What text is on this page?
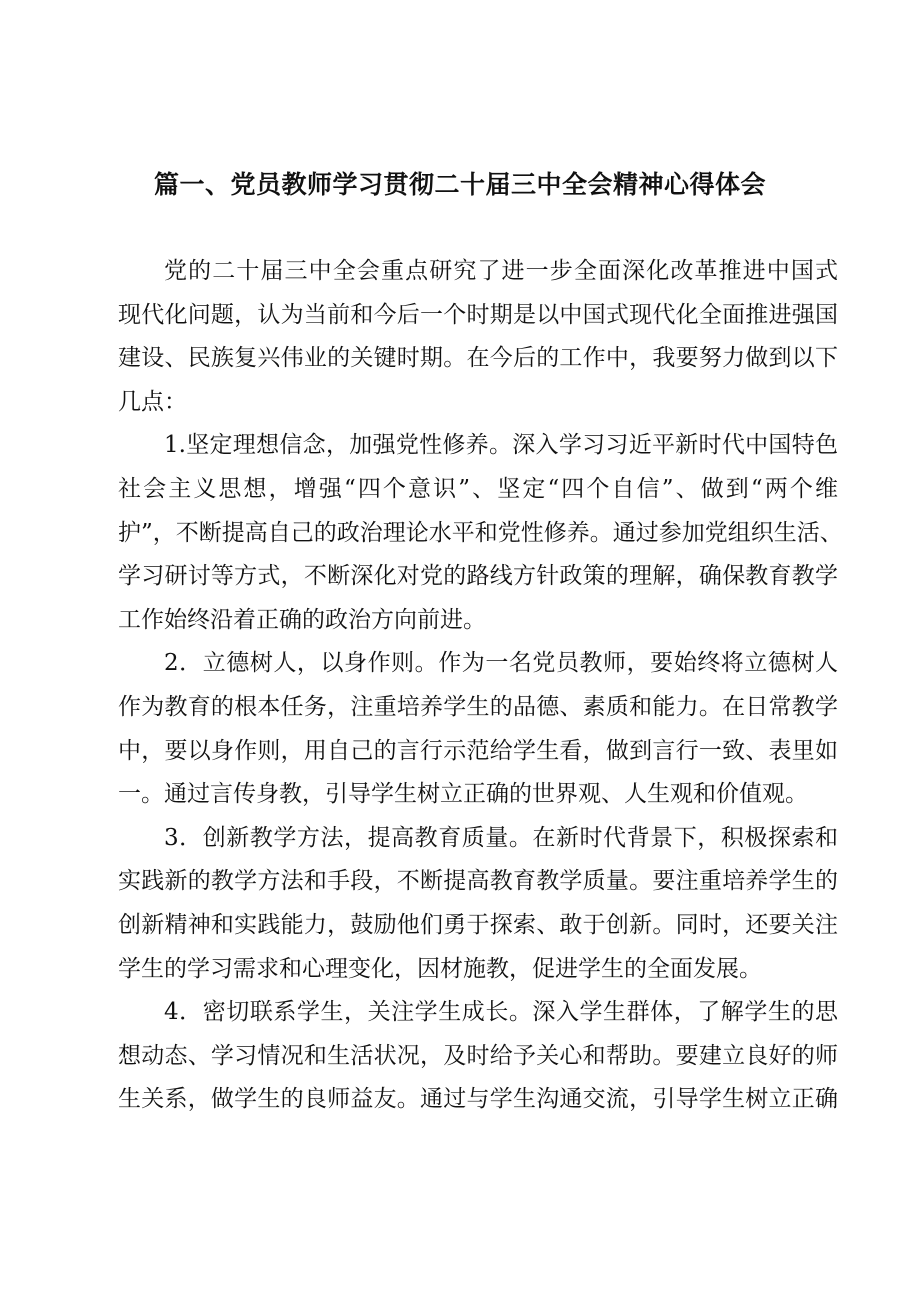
篇一、党员教师学习贯彻二十届三中全会精神心得体会
党的二十届三中全会重点研究了进一步全面深化改革推进中国式
现代化问题，认为当前和今后一个时期是以中国式现代化全面推进强国
建设、民族复兴伟业的关键时期。在今后的工作中，我要努力做到以下
几点：
1.坚定理想信念，加强党性修养。深入学习习近平新时代中国特色
社会主义思想，增强“四个意识”、坚定“四个自信”、做到“两个维
护”，不断提高自己的政治理论水平和党性修养。通过参加党组织生活、
学习研讨等方式，不断深化对党的路线方针政策的理解，确保教育教学
工作始终沿着正确的政治方向前进。
2．立德树人，以身作则。作为一名党员教师，要始终将立德树人
作为教育的根本任务，注重培养学生的品德、素质和能力。在日常教学
中，要以身作则，用自己的言行示范给学生看，做到言行一致、表里如
一。通过言传身教，引导学生树立正确的世界观、人生观和价值观。
3．创新教学方法，提高教育质量。在新时代背景下，积极探索和
实践新的教学方法和手段，不断提高教育教学质量。要注重培养学生的
创新精神和实践能力，鼓励他们勇于探索、敢于创新。同时，还要关注
学生的学习需求和心理变化，因材施教，促进学生的全面发展。
4．密切联系学生，关注学生成长。深入学生群体，了解学生的思
想动态、学习情况和生活状况，及时给予关心和帮助。要建立良好的师
生关系，做学生的良师益友。通过与学生沟通交流，引导学生树立正确
